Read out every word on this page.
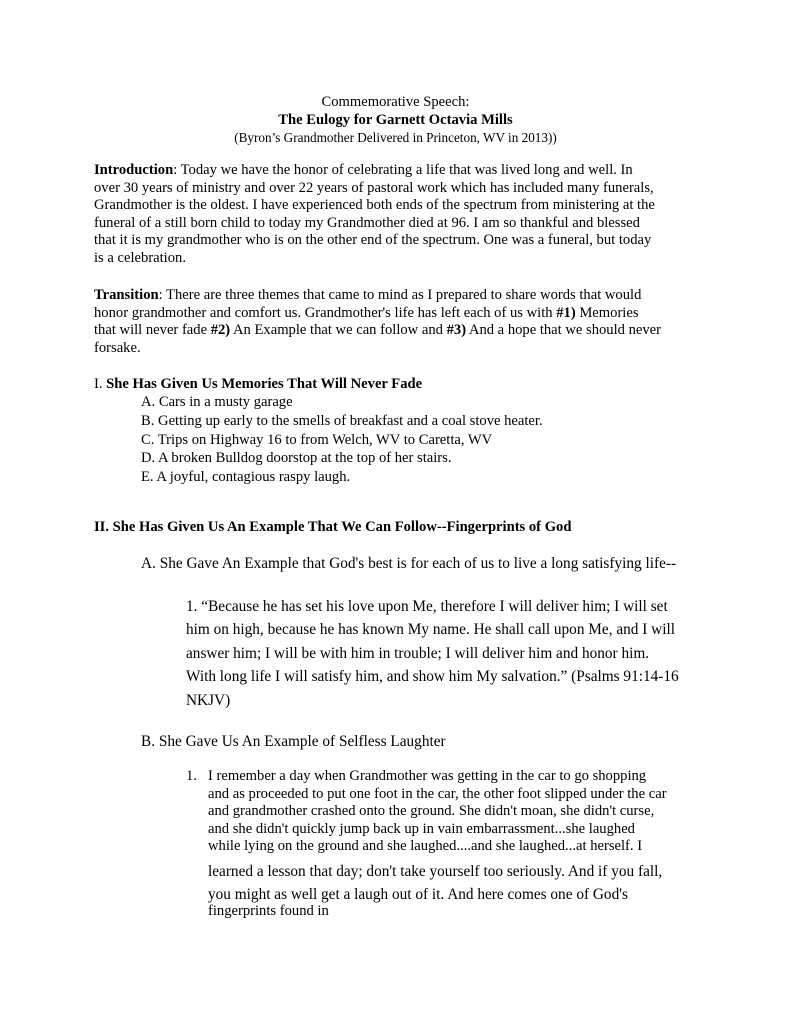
Commemorative Speech:
The Eulogy for Garnett Octavia Mills
(Byron’s Grandmother Delivered in Princeton, WV in 2013))
Introduction: Today we have the honor of celebrating a life that was lived long and well. In
over 30 years of ministry and over 22 years of pastoral work which has included many funerals,
Grandmother is the oldest. I have experienced both ends of the spectrum from ministering at the
funeral of a still born child to today my Grandmother died at 96. I am so thankful and blessed
that it is my grandmother who is on the other end of the spectrum. One was a funeral, but today
is a celebration.
Transition: There are three themes that came to mind as I prepared to share words that would
honor grandmother and comfort us. Grandmother's life has left each of us with #1) Memories
that will never fade #2) An Example that we can follow and #3) And a hope that we should never
forsake.
I. She Has Given Us Memories That Will Never Fade
A. Cars in a musty garage
B. Getting up early to the smells of breakfast and a coal stove heater.
C. Trips on Highway 16 to from Welch, WV to Caretta, WV
D. A broken Bulldog doorstop at the top of her stairs.
E. A joyful, contagious raspy laugh.
II. She Has Given Us An Example That We Can Follow--Fingerprints of God
A. She Gave An Example that God's best is for each of us to live a long satisfying life--
1. “Because he has set his love upon Me, therefore I will deliver him; I will set
him on high, because he has known My name. He shall call upon Me, and I will
answer him; I will be with him in trouble; I will deliver him and honor him.
With long life I will satisfy him, and show him My salvation.” (Psalms 91:14-16
NKJV)
B. She Gave Us An Example of Selfless Laughter
1. I remember a day when Grandmother was getting in the car to go shopping
and as proceeded to put one foot in the car, the other foot slipped under the car
and grandmother crashed onto the ground. She didn't moan, she didn't curse,
and she didn't quickly jump back up in vain embarrassment...she laughed
while lying on the ground and she laughed....and she laughed...at herself. I
learned a lesson that day; don't take yourself too seriously. And if you fall,
you might as well get a laugh out of it. And here comes one of God's
fingerprints found in
